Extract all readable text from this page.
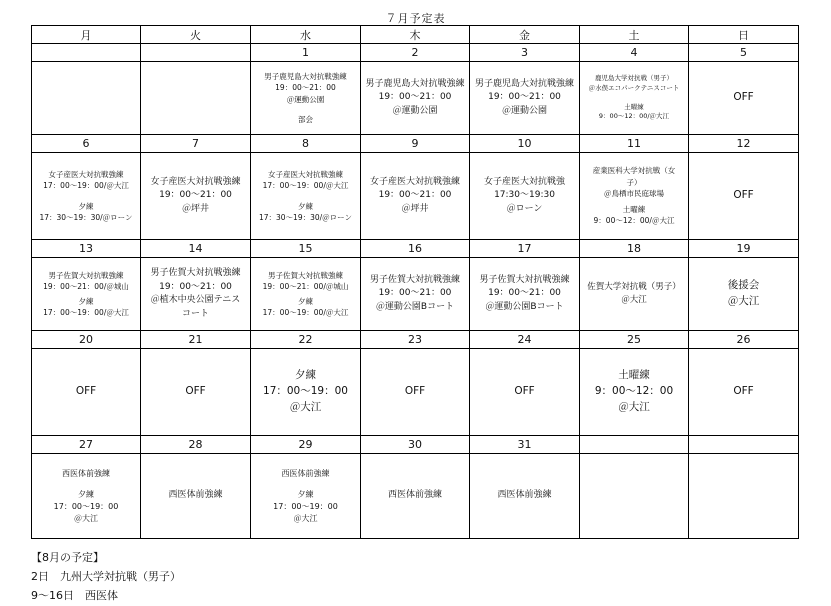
７月予定表
月	火	水	木	金	土	日
		1	2	3	4	5

		男子鹿児島大対抗戦強練
19：00～21：00
＠運動公園
部会	男子鹿児島大対抗戦強練
19：00～21：00
＠運動公園	男子鹿児島大対抗戦強練
19：00～21：00
＠運動公園	鹿児島大学対抗戦（男子）
＠水俣エコパークテニスコート
土曜練
9：00～12：00/＠大江	OFF
6	7	8	9	10	11	12

女子産医大対抗戦強練
17：00～19：00/＠大江
夕練
17：30～19：30/＠ローン	女子産医大対抗戦強練
19：00～21：00
＠坪井	女子産医大対抗戦強練
17：00～19：00/＠大江
夕練
17：30～19：30/＠ローン	女子産医大対抗戦強練
19：00～21：00
＠坪井	女子産医大対抗戦強
17:30～19:30
＠ローン	産業医科大学対抗戦（女
子）
＠鳥栖市民庭球場
土曜練
9：00～12：00/＠大江	OFF
13	14	15	16	17	18	19

男子佐賀大対抗戦強練
19：00～21：00/＠城山
夕練
17：00～19：00/＠大江	男子佐賀大対抗戦強練
19：00～21：00
＠植木中央公園テニス
コート	男子佐賀大対抗戦強練
19：00～21：00/＠城山
夕練
17：00～19：00/＠大江	男子佐賀大対抗戦強練
19：00～21：00
＠運動公園Bコート	男子佐賀大対抗戦強練
19：00～21：00
＠運動公園Bコート	佐賀大学対抗戦（男子）
＠大江	後援会
＠大江

20	21	22	23	24	25	26
OFF	OFF	夕練
17：00～19：00
＠大江	OFF	OFF	土曜練
9：00～12：00
＠大江	OFF
27	28	29	30	31		

西医体前強練
夕練
17：00～19：00
＠大江	西医体前強練	西医体前強練
夕練
17：00～19：00
＠大江	西医体前強練	西医体前強練		
【8月の予定】
2日　九州大学対抗戦（男子）
9～16日　西医体
